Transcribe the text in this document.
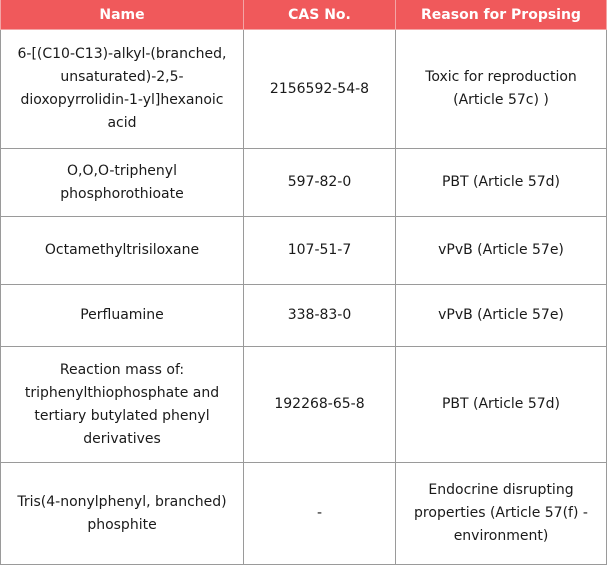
Name	CAS No.	Reason for Propsing

6-[(C10-C13)-alkyl-(branched,
unsaturated)-2,5-
dioxopyrrolidin-1-yl]hexanoic
acid	2156592-54-8	Toxic for reproduction
(Article 57c) )

O,O,O-triphenyl
phosphorothioate	597-82-0	PBT (Article 57d)

Octamethyltrisiloxane	107-51-7	vPvB (Article 57e)

Perfluamine	338-83-0	vPvB (Article 57e)

Reaction mass of:
triphenylthiophosphate and
tertiary butylated phenyl
derivatives	192268-65-8	PBT (Article 57d)

Tris(4-nonylphenyl, branched)
phosphite	-	Endocrine disrupting
properties (Article 57(f) -
environment)
